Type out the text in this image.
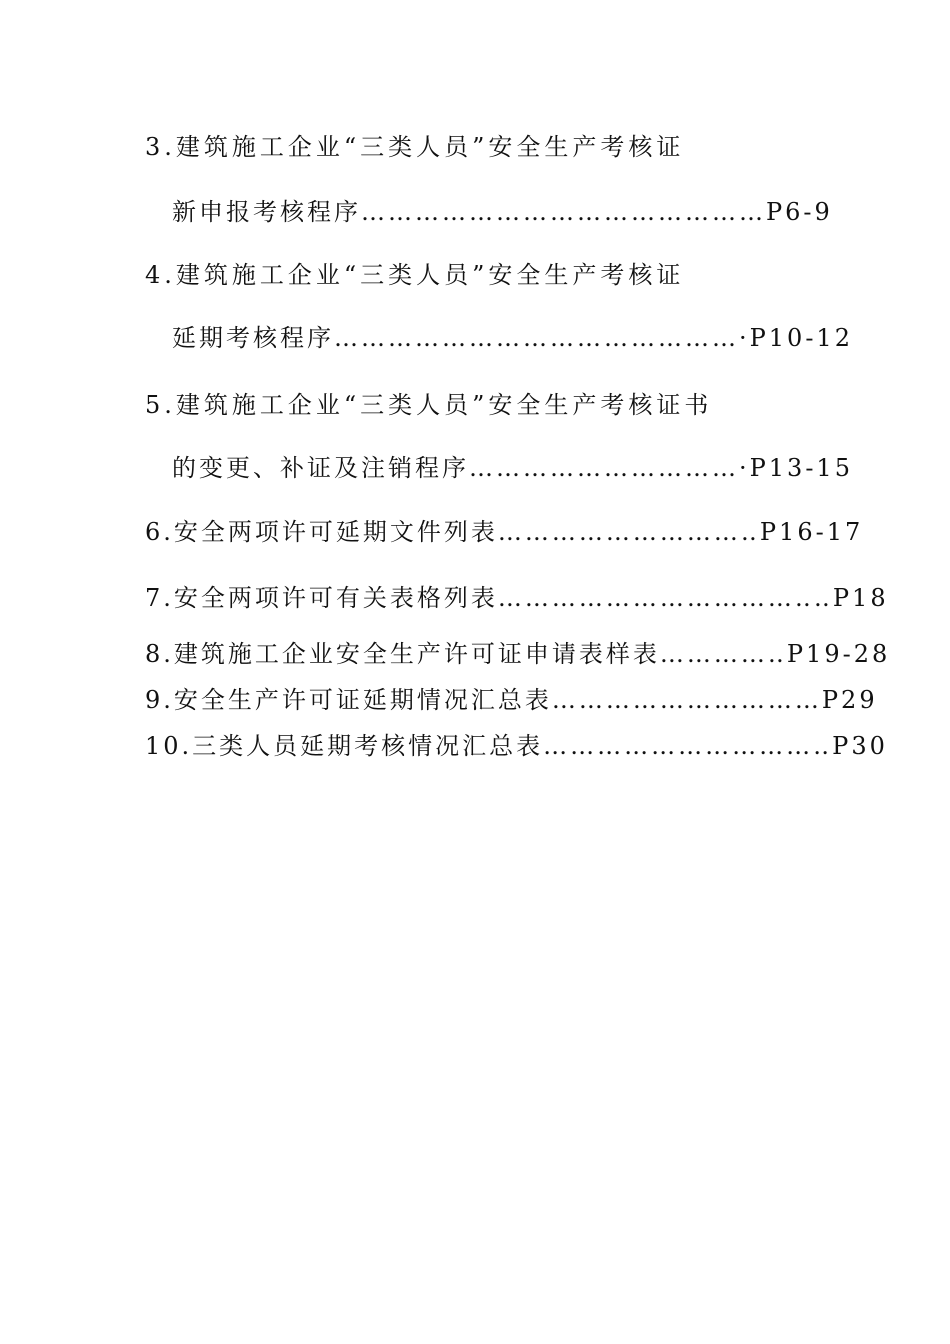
3.建筑施工企业“三类人员”安全生产考核证

新申报考核程序………………………………………P6-9

4.建筑施工企业“三类人员”安全生产考核证

延期考核程序………………………………………·P10-12

5.建筑施工企业“三类人员”安全生产考核证书

的变更、补证及注销程序…………………………·P13-15

6.安全两项许可延期文件列表………………………‥P16-17

7.安全两项许可有关表格列表……………………………‥‥P18

8.建筑施工企业安全生产许可证申请表样表…………‥P19-28

9.安全生产许可证延期情况汇总表…………………………P29

10.三类人员延期考核情况汇总表…………………………‥P30
